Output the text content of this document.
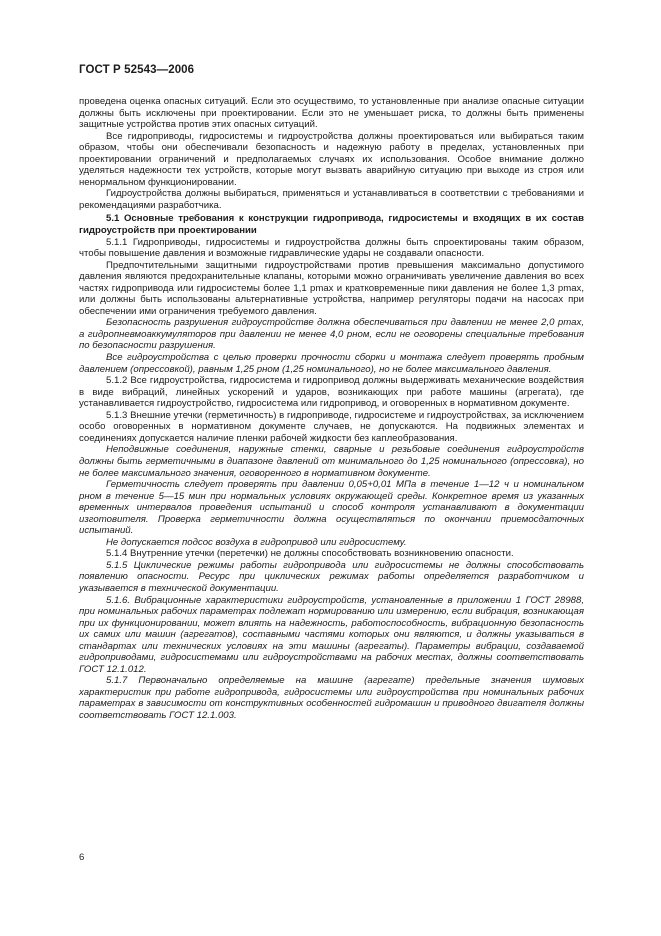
ГОСТ Р 52543—2006

проведена оценка опасных ситуаций. Если это осуществимо, то установленные при анализе опасные ситуации должны быть исключены при проектировании. Если это не уменьшает риска, то должны быть применены защитные устройства против этих опасных ситуаций.

Все гидроприводы, гидросистемы и гидроустройства должны проектироваться или выбираться таким образом, чтобы они обеспечивали безопасность и надежную работу в пределах, установленных при проектировании ограничений и предполагаемых случаях их использования. Особое внимание должно уделяться надежности тех устройств, которые могут вызвать аварийную ситуацию при выходе из строя или ненормальном функционировании.

Гидроустройства должны выбираться, применяться и устанавливаться в соответствии с требованиями и рекомендациями разработчика.

5.1 Основные требования к конструкции гидропривода, гидросистемы и входящих в их состав гидроустройств при проектировании

5.1.1 Гидроприводы, гидросистемы и гидроустройства должны быть спроектированы таким образом, чтобы повышение давления и возможные гидравлические удары не создавали опасности.

Предпочтительными защитными гидроустройствами против превышения максимально допустимого давления являются предохранительные клапаны, которыми можно ограничивать увеличение давления во всех частях гидропривода или гидросистемы более 1,1 pmax и кратковременные пики давления не более 1,3 pmax, или должны быть использованы альтернативные устройства, например регуляторы подачи на насосах при обеспечении ими ограничения требуемого давления.

Безопасность разрушения гидроустройстве должна обеспечиваться при давлении не менее 2,0 pmax, а гидропневмоаккумуляторов при давлении не менее 4,0 pном, если не оговорены специальные требования по безопасности разрушения.

Все гидроустройства с целью проверки прочности сборки и монтажа следует проверять пробным давлением (опрессовкой), равным 1,25 pном (1,25 номинального), но не более максимального давления.

5.1.2 Все гидроустройства, гидросистема и гидропривод должны выдерживать механические воздействия в виде вибраций, линейных ускорений и ударов, возникающих при работе машины (агрегата), где устанавливается гидроустройство, гидросистема или гидропривод, и оговоренных в нормативном документе.

5.1.3 Внешние утечки (герметичность) в гидроприводе, гидросистеме и гидроустройствах, за исключением особо оговоренных в нормативном документе случаев, не допускаются. На подвижных элементах и соединениях допускается наличие пленки рабочей жидкости без каплеобразования.

Неподвижные соединения, наружные стенки, сварные и резьбовые соединения гидроустройств должны быть герметичными в диапазоне давлений от минимального до 1,25 номинального (опрессовка), но не более максимального значения, оговоренного в нормативном документе.

Герметичность следует проверять при давлении 0,05+0,01 МПа в течение 1—12 ч и номинальном pном в течение 5—15 мин при нормальных условиях окружающей среды. Конкретное время из указанных временных интервалов проведения испытаний и способ контроля устанавливают в документации изготовителя. Проверка герметичности должна осуществляться по окончании приемосдаточных испытаний.

Не допускается подсос воздуха в гидропривод или гидросистему.

5.1.4 Внутренние утечки (перетечки) не должны способствовать возникновению опасности.

5.1.5 Циклические режимы работы гидропривода или гидросистемы не должны способствовать появлению опасности. Ресурс при циклических режимах работы определяется разработчиком и указывается в технической документации.

5.1.6. Вибрационные характеристики гидроустройств, установленные в приложении 1 ГОСТ 28988, при номинальных рабочих параметрах подлежат нормированию или измерению, если вибрация, возникающая при их функционировании, может влиять на надежность, работоспособность, вибрационную безопасность их самих или машин (агрегатов), составными частями которых они являются, и должны указываться в стандартах или технических условиях на эти машины (агрегаты). Параметры вибрации, создаваемой гидроприводами, гидросистемами или гидроустройствами на рабочих местах, должны соответствовать ГОСТ 12.1.012.

5.1.7 Первоначально определяемые на машине (агрегате) предельные значения шумовых характеристик при работе гидропривода, гидросистемы или гидроустройства при номинальных рабочих параметрах в зависимости от конструктивных особенностей гидромашин и приводного двигателя должны соответствовать ГОСТ 12.1.003.

6
